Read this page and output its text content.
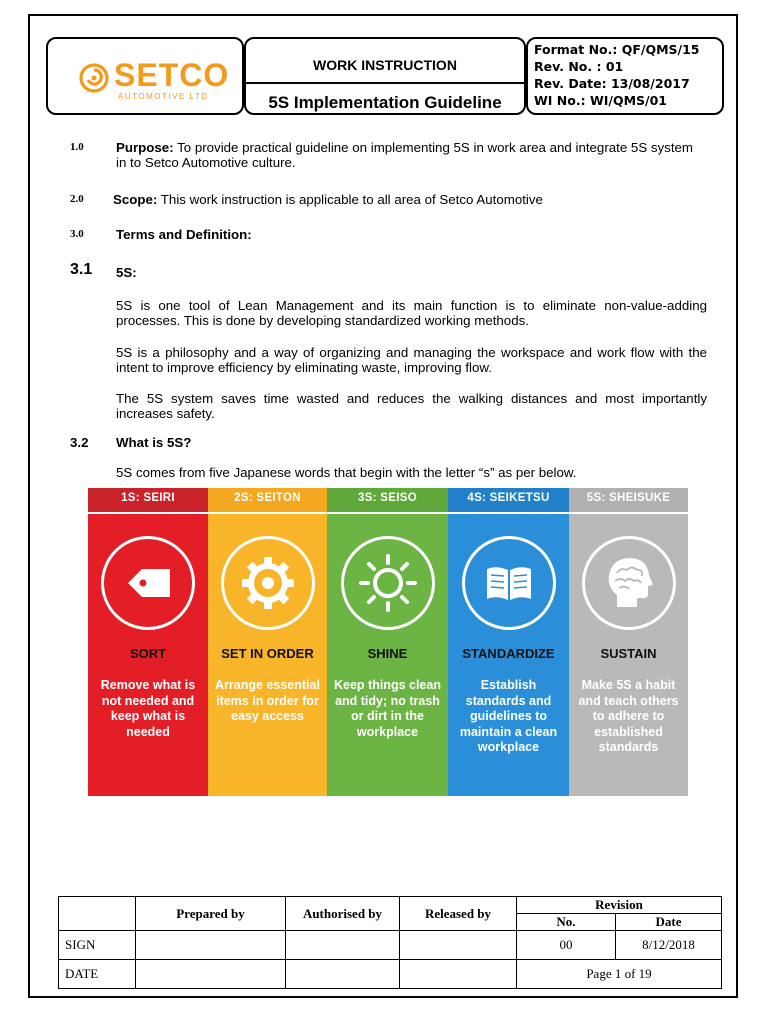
SETCO
AUTOMOTIVE LTD
WORK INSTRUCTION
5S Implementation Guideline
Format No.: QF/QMS/15
Rev. No. : 01
Rev. Date: 13/08/2017
WI No.: WI/QMS/01
1.0 Purpose: To provide practical guideline on implementing 5S in work area and integrate 5S system in to Setco Automotive culture.
2.0 Scope: This work instruction is applicable to all area of Setco Automotive
3.0 Terms and Definition:
3.1 5S:
5S is one tool of Lean Management and its main function is to eliminate non-value-adding processes. This is done by developing standardized working methods.
5S is a philosophy and a way of organizing and managing the workspace and work flow with the intent to improve efficiency by eliminating waste, improving flow.
The 5S system saves time wasted and reduces the walking distances and most importantly increases safety.
3.2 What is 5S?
5S comes from five Japanese words that begin with the letter “s” as per below.
1S: SEIRI
SORT
Remove what is not needed and keep what is needed
2S: SEITON
SET IN ORDER
Arrange essential items in order for easy access
3S: SEISO
SHINE
Keep things clean and tidy; no trash or dirt in the workplace
4S: SEIKETSU
STANDARDIZE
Establish standards and guidelines to maintain a clean workplace
5S: SHEISUKE
SUSTAIN
Make 5S a habit and teach others to adhere to established standards
	Prepared by	Authorised by	Released by	Revision	
				No.	Date
SIGN				00	8/12/2018
DATE				Page 1 of 19	
